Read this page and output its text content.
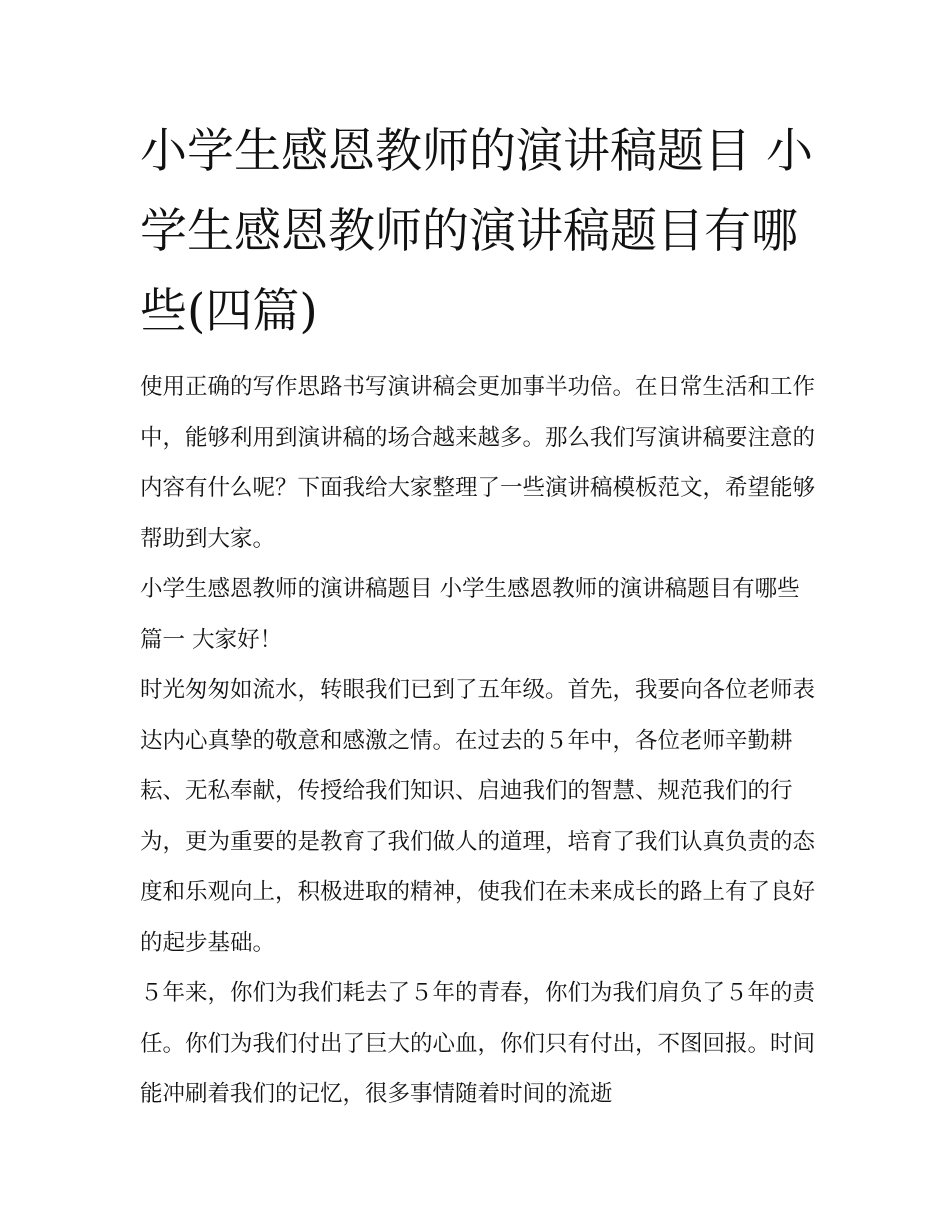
小学生感恩教师的演讲稿题目 小学生感恩教师的演讲稿题目有哪些(四篇)

使用正确的写作思路书写演讲稿会更加事半功倍。在日常生活和工作中，能够利用到演讲稿的场合越来越多。那么我们写演讲稿要注意的内容有什么呢？下面我给大家整理了一些演讲稿模板范文，希望能够帮助到大家。

小学生感恩教师的演讲稿题目 小学生感恩教师的演讲稿题目有哪些篇一 大家好！

时光匆匆如流水，转眼我们已到了五年级。首先，我要向各位老师表达内心真挚的敬意和感激之情。在过去的５年中，各位老师辛勤耕耘、无私奉献，传授给我们知识、启迪我们的智慧、规范我们的行为，更为重要的是教育了我们做人的道理，培育了我们认真负责的态度和乐观向上，积极进取的精神，使我们在未来成长的路上有了良好的起步基础。

５年来，你们为我们耗去了５年的青春，你们为我们肩负了５年的责任。你们为我们付出了巨大的心血，你们只有付出，不图回报。时间能冲刷着我们的记忆，很多事情随着时间的流逝
